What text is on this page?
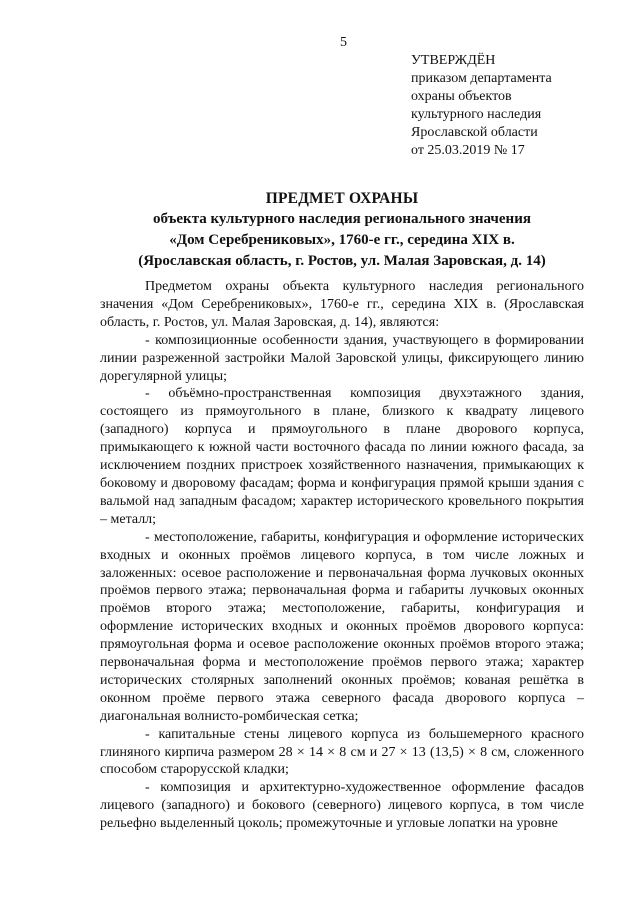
5
УТВЕРЖДЁН
приказом департамента
охраны объектов
культурного наследия
Ярославской области
от 25.03.2019 № 17
ПРЕДМЕТ ОХРАНЫ
объекта культурного наследия регионального значения
«Дом Серебрениковых», 1760-е гг., середина XIX в.
(Ярославская область, г. Ростов, ул. Малая Заровская, д. 14)

Предметом охраны объекта культурного наследия регионального значения «Дом Серебрениковых», 1760-е гг., середина XIX в. (Ярославская область, г. Ростов, ул. Малая Заровская, д. 14), являются:

- композиционные особенности здания, участвующего в формировании линии разреженной застройки Малой Заровской улицы, фиксирующего линию дорегулярной улицы;

- объёмно-пространственная композиция двухэтажного здания, состоящего из прямоугольного в плане, близкого к квадрату лицевого (западного) корпуса и прямоугольного в плане дворового корпуса, примыкающего к южной части восточного фасада по линии южного фасада, за исключением поздних пристроек хозяйственного назначения, примыкающих к боковому и дворовому фасадам; форма и конфигурация прямой крыши здания с вальмой над западным фасадом; характер исторического кровельного покрытия – металл;

- местоположение, габариты, конфигурация и оформление исторических входных и оконных проёмов лицевого корпуса, в том числе ложных и заложенных: осевое расположение и первоначальная форма лучковых оконных проёмов первого этажа; первоначальная форма и габариты лучковых оконных проёмов второго этажа; местоположение, габариты, конфигурация и оформление исторических входных и оконных проёмов дворового корпуса: прямоугольная форма и осевое расположение оконных проёмов второго этажа; первоначальная форма и местоположение проёмов первого этажа; характер исторических столярных заполнений оконных проёмов; кованая решётка в оконном проёме первого этажа северного фасада дворового корпуса – диагональная волнисто-ромбическая сетка;

- капитальные стены лицевого корпуса из большемерного красного глиняного кирпича размером 28 × 14 × 8 см и 27 × 13 (13,5) × 8 см, сложенного способом старорусской кладки;

- композиция и архитектурно-художественное оформление фасадов лицевого (западного) и бокового (северного) лицевого корпуса, в том числе рельефно выделенный цоколь; промежуточные и угловые лопатки на уровне
